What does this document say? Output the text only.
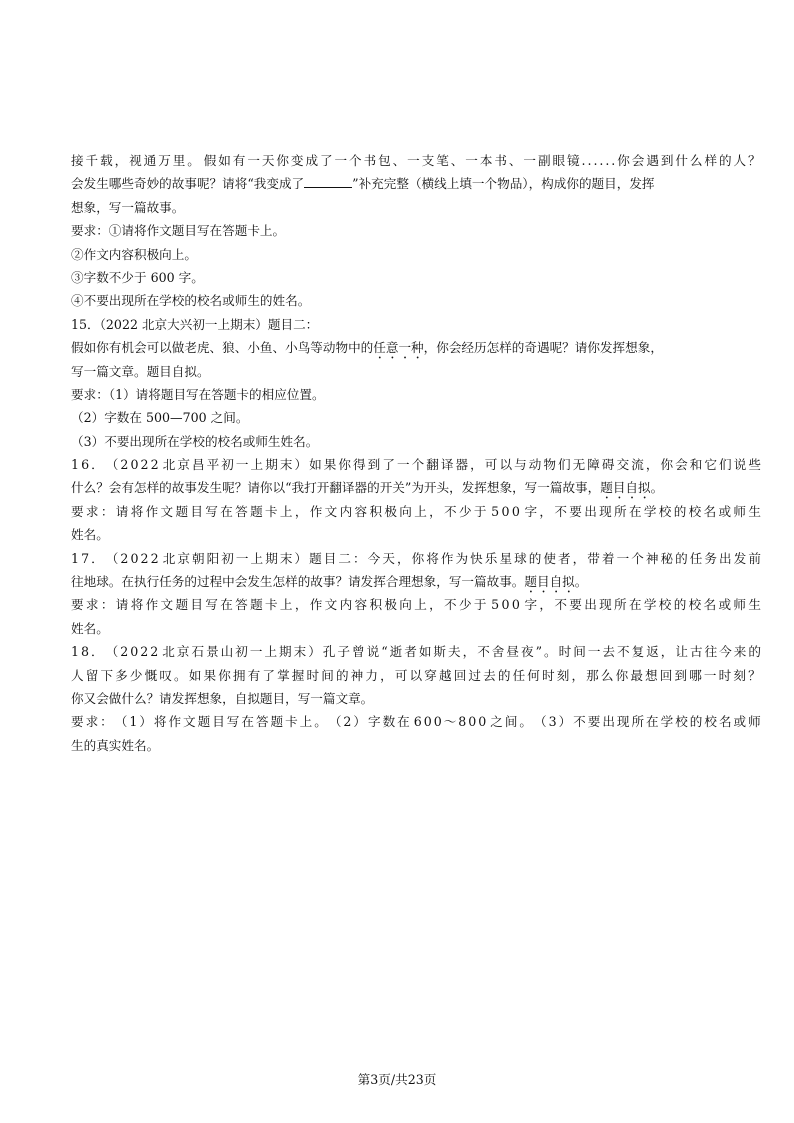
接 千 载 ， 视 通 万 里 。 假 如 有 一 天 你 变 成 了 一 个 书 包 、 一 支 笔 、 一 本 书 、 一 副 眼 镜 . . . . . . 你 会 遇 到 什 么 样 的 人 ？
会发生哪些奇妙的故事呢？请将“我变成了	”补充完整（横线上填一个物品），构成你的题目，发挥
想象，写一篇故事。
要求：①请将作文题目写在答题卡上。
②作文内容积极向上。
③字数不少于 600 字。
④不要出现所在学校的校名或师生的姓名。
15．（2022 北京大兴初一上期末）题目二：
假如你有机会可以做老虎、狼、小鱼、小鸟等动物中的任意一种，你会经历怎样的奇遇呢？请你发挥想象，
写一篇文章。题目自拟。
要求：（1）请将题目写在答题卡的相应位置。
（2）字数在 500—700 之间。
（3）不要出现所在学校的校名或师生姓名。
1 6 ． （ 2 0 2 2 北 京 昌 平 初 一 上 期 末 ） 如 果 你 得 到 了 一 个 翻 译 器 ， 可 以 与 动 物 们 无 障 碍 交 流 ， 你 会 和 它 们 说 些
什么？会有怎样的故事发生呢？请你以“我打开翻译器的开关”为开头，发挥想象，写一篇故事，题目自拟。
要 求 ： 请 将 作 文 题 目 写 在 答 题 卡 上 ， 作 文 内 容 积 极 向 上 ， 不 少 于 5 0 0 字 ， 不 要 出 现 所 在 学 校 的 校 名 或 师 生
姓名。
1 7 ． （ 2 0 2 2 北 京 朝 阳 初 一 上 期 末 ） 题 目 二 ： 今 天 ， 你 将 作 为 快 乐 星 球 的 使 者 ， 带 着 一 个 神 秘 的 任 务 出 发 前
往地球。在执行任务的过程中会发生怎样的故事？请发挥合理想象，写一篇故事。题目自拟。
要 求 ： 请 将 作 文 题 目 写 在 答 题 卡 上 ， 作 文 内 容 积 极 向 上 ， 不 少 于 5 0 0 字 ， 不 要 出 现 所 在 学 校 的 校 名 或 师 生
姓名。
1 8 ． （ 2 0 2 2 北 京 石 景 山 初 一 上 期 末 ） 孔 子 曾 说 “ 逝 者 如 斯 夫 ， 不 舍 昼 夜 ” 。 时 间 一 去 不 复 返 ， 让 古 往 今 来 的
人 留 下 多 少 慨 叹 。 如 果 你 拥 有 了 掌 握 时 间 的 神 力 ， 可 以 穿 越 回 过 去 的 任 何 时 刻 ， 那 么 你 最 想 回 到 哪 一 时 刻 ？
你又会做什么？请发挥想象，自拟题目，写一篇文章。
要 求 ： （ 1 ） 将 作 文 题 目 写 在 答 题 卡 上 。 （ 2 ） 字 数 在 6 0 0 ～ 8 0 0 之 间 。 （ 3 ） 不 要 出 现 所 在 学 校 的 校 名 或 师
生的真实姓名。
第3页/共23页
